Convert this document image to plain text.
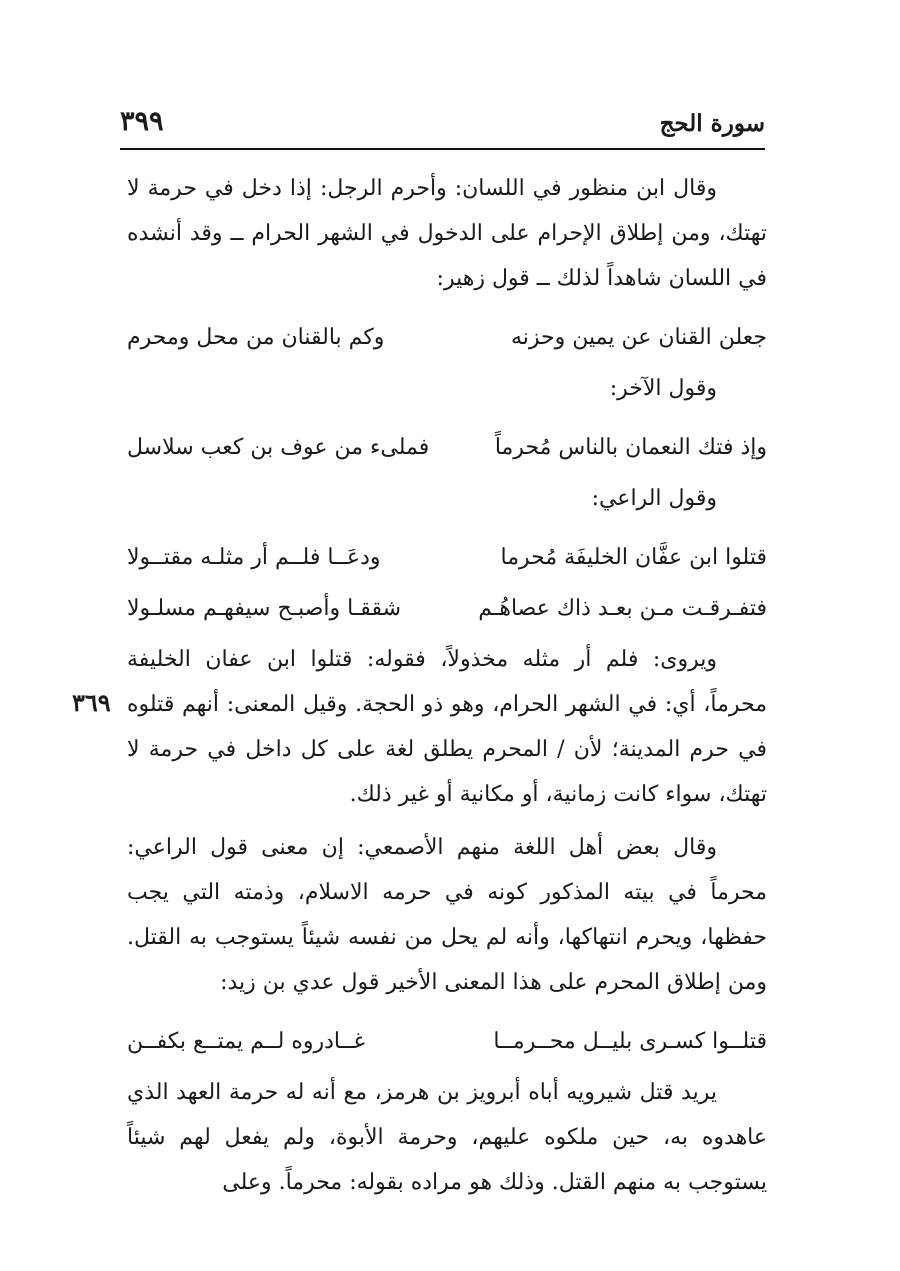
سورة الحج
٣٩٩
٣٦٩

وقال ابن منظور في اللسان: وأحرم الرجل: إذا دخل في حرمة لا تهتك، ومن إطلاق الإحرام على الدخول في الشهر الحرام ــ وقد أنشده في اللسان شاهداً لذلك ــ قول زهير:

جعلن القنان عن يمين وحزنه
وكم بالقنان من محل ومحرم

وقول الآخر:

وإذ فتك النعمان بالناس مُحرماً
فملىء من عوف بن كعب سلاسل

وقول الراعي:

قتلوا ابن عفَّان الخليفَة مُحرما
ودعَــا فلــم أر مثلـه مقتــولا
فتفـرقـت مـن بعـد ذاك عصاهُـم
شققـا وأصبـح سيفهـم مسلـولا

ويروى: فلم أر مثله مخذولاً، فقوله: قتلوا ابن عفان الخليفة محرماً، أي: في الشهر الحرام، وهو ذو الحجة. وقيل المعنى: أنهم قتلوه في حرم المدينة؛ لأن / المحرم يطلق لغة على كل داخل في حرمة لا تهتك، سواء كانت زمانية، أو مكانية أو غير ذلك.

وقال بعض أهل اللغة منهم الأصمعي: إن معنى قول الراعي: محرماً في بيته المذكور كونه في حرمه الاسلام، وذمته التي يجب حفظها، ويحرم انتهاكها، وأنه لم يحل من نفسه شيئاً يستوجب به القتل. ومن إطلاق المحرم على هذا المعنى الأخير قول عدي بن زيد:

قتلــوا كسـرى بليــل محــرمــا
غــادروه لــم يمتــع بكفــن

يريد قتل شيرويه أباه أبرويز بن هرمز، مع أنه له حرمة العهد الذي عاهدوه به، حين ملكوه عليهم، وحرمة الأبوة، ولم يفعل لهم شيئاً يستوجب به منهم القتل. وذلك هو مراده بقوله: محرماً. وعلى
